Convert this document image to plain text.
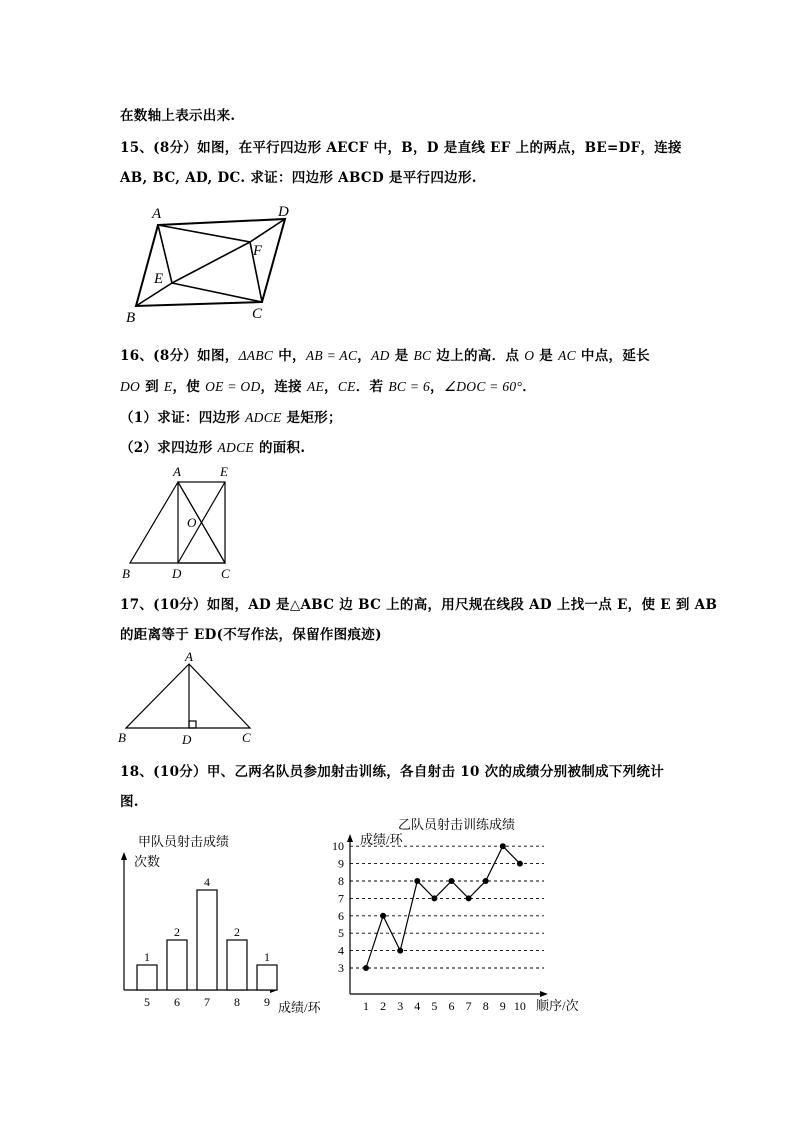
在数轴上表示出来.
15、(8分）如图，在平行四边形 AECF 中，B，D 是直线 EF 上的两点，BE=DF，连接
AB, BC, AD, DC. 求证：四边形 ABCD 是平行四边形.
A	D
F
E
B	C
16、(8分）如图，ΔABC 中，AB = AC，AD 是 BC 边上的高．点 O 是 AC 中点，延长
DO 到 E，使 OE = OD，连接 AE，CE．若 BC = 6，∠DOC = 60°．
（1）求证：四边形 ADCE 是矩形；
（2）求四边形 ADCE 的面积.
A	E
O
B	D	C
17、(10分）如图，AD 是△ABC 边 BC 上的高，用尺规在线段 AD 上找一点 E，使 E 到 AB
的距离等于 ED(不写作法，保留作图痕迹)
A
B	D	C
18、(10分）甲、乙两名队员参加射击训练，各自射击 10 次的成绩分别被制成下列统计
图.
甲队员射击成绩
次数
成绩/环
1
5
2
6
4
7
2
8
1
9
乙队员射击训练成绩
成绩/环
顺序/次
3
4
5
6
7
8
9
10
1 2 3 4 5 6 7 8 9 10
